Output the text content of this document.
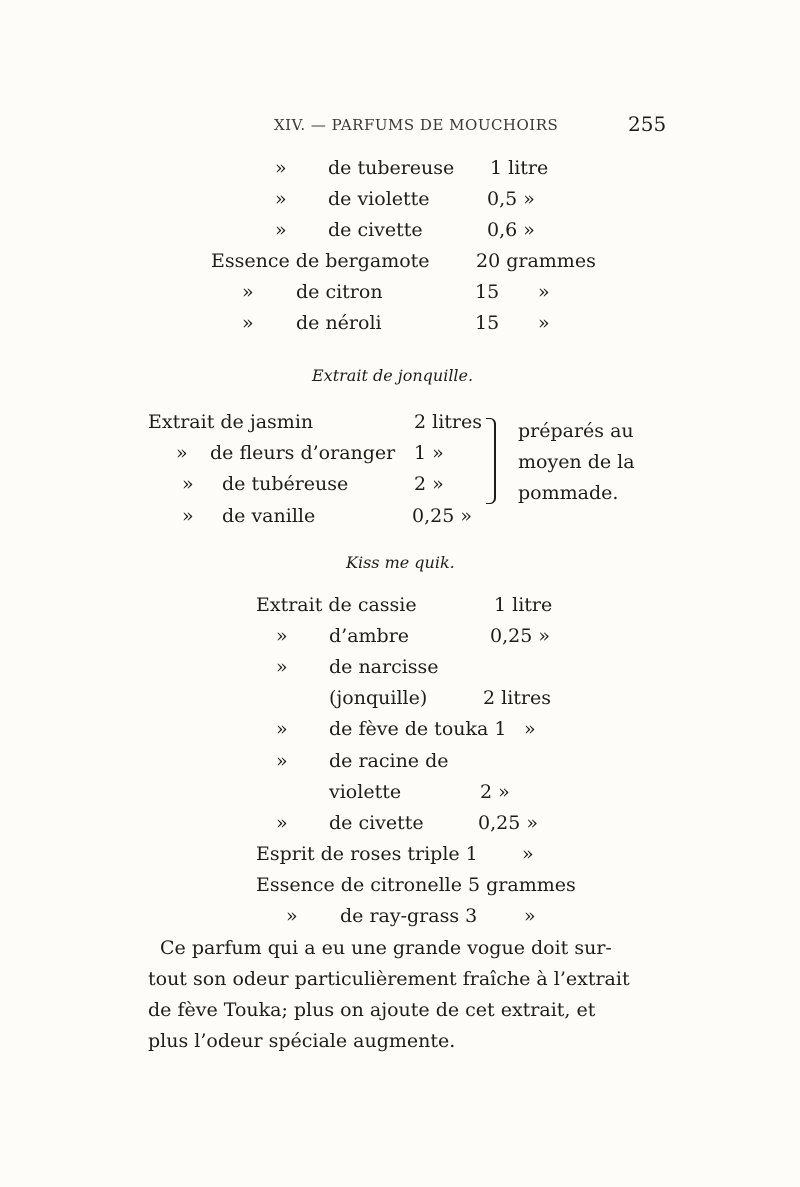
XIV. — PARFUMS DE MOUCHOIRS	255
» de tubereuse 1 litre
» de violette	0,5 »
» de civette	0,6 »
Essence de bergamote 20 grammes
» de citron	15 »
» de néroli	15 »
Extrait de jonquille.
Extrait de jasmin	2 litres
» de fleurs d’oranger 1 »
» de tubéreuse	2 »
» de vanille	0,25 »
préparés au
moyen de la
pommade.
Kiss me quik.
Extrait de cassie	1 litre
» d’ambre	0,25 »
» de narcisse
(jonquille)	2 litres
» de fève de touka 1 »
» de racine de
violette	2 »
» de civette	0,25 »
Esprit de roses triple 1 »
Essence de citronelle 5 grammes
» de ray-grass 3 »
Ce parfum qui a eu une grande vogue doit sur-
tout son odeur particulièrement fraîche à l’extrait
de fève Touka; plus on ajoute de cet extrait, et
plus l’odeur spéciale augmente.
